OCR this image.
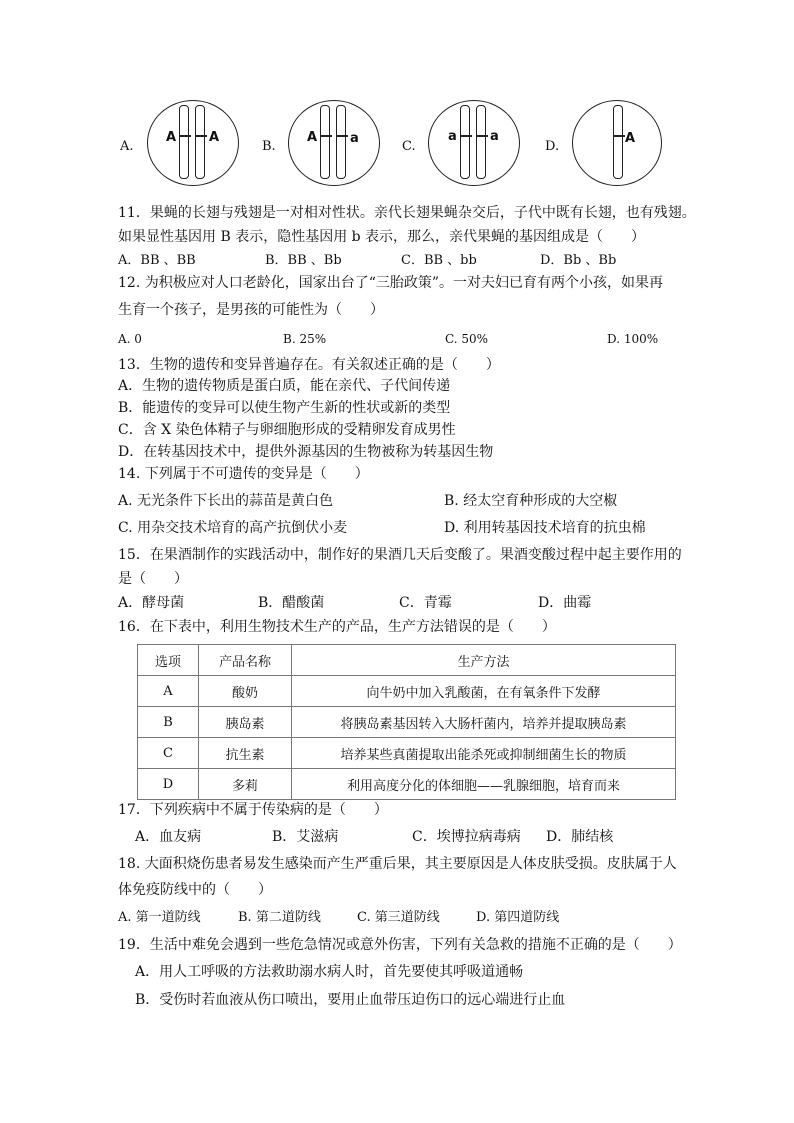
A.
A	A
B.
A	a
C.
a	a
D.
A
11．果蝇的长翅与残翅是一对相对性状。亲代长翅果蝇杂交后，子代中既有长翅，也有残翅。
如果显性基因用 B 表示，隐性基因用 b 表示，那么，亲代果蝇的基因组成是（　　）
A．BB 、BB	B．BB 、Bb	C．BB 、bb	D．Bb 、Bb
12. 为积极应对人口老龄化，国家出台了“三胎政策”。一对夫妇已育有两个小孩，如果再
生育一个孩子，是男孩的可能性为（　　）
A. 0	B. 25%	C. 50%	D. 100%
13．生物的遗传和变异普遍存在。有关叙述正确的是（　　）
A．生物的遗传物质是蛋白质，能在亲代、子代间传递
B．能遗传的变异可以使生物产生新的性状或新的类型
C．含 X 染色体精子与卵细胞形成的受精卵发育成男性
D．在转基因技术中，提供外源基因的生物被称为转基因生物
14. 下列属于不可遗传的变异是（　　）
A. 无光条件下长出的蒜苗是黄白色	B. 经太空育种形成的大空椒
C. 用杂交技术培育的高产抗倒伏小麦	D. 利用转基因技术培育的抗虫棉
15．在果酒制作的实践活动中，制作好的果酒几天后变酸了。果酒变酸过程中起主要作用的
是（　　）
A．酵母菌	B．醋酸菌	C．青霉	D．曲霉
16．在下表中，利用生物技术生产的产品，生产方法错误的是（　　）
选项	产品名称	生产方法
A	酸奶	向牛奶中加入乳酸菌，在有氧条件下发酵
B	胰岛素	将胰岛素基因转入大肠杆菌内，培养并提取胰岛素
C	抗生素	培养某些真菌提取出能杀死或抑制细菌生长的物质
D	多莉	利用高度分化的体细胞——乳腺细胞，培育而来
17．下列疾病中不属于传染病的是（　　）
A．血友病	B．艾滋病	C．埃博拉病毒病 D．肺结核
18. 大面积烧伤患者易发生感染而产生严重后果，其主要原因是人体皮肤受损。皮肤属于人
体免疫防线中的（　　）
A. 第一道防线	B. 第二道防线	C. 第三道防线	D. 第四道防线
19．生活中难免会遇到一些危急情况或意外伤害，下列有关急救的措施不正确的是（　　）
A．用人工呼吸的方法救助溺水病人时，首先要使其呼吸道通畅
B．受伤时若血液从伤口喷出，要用止血带压迫伤口的远心端进行止血
